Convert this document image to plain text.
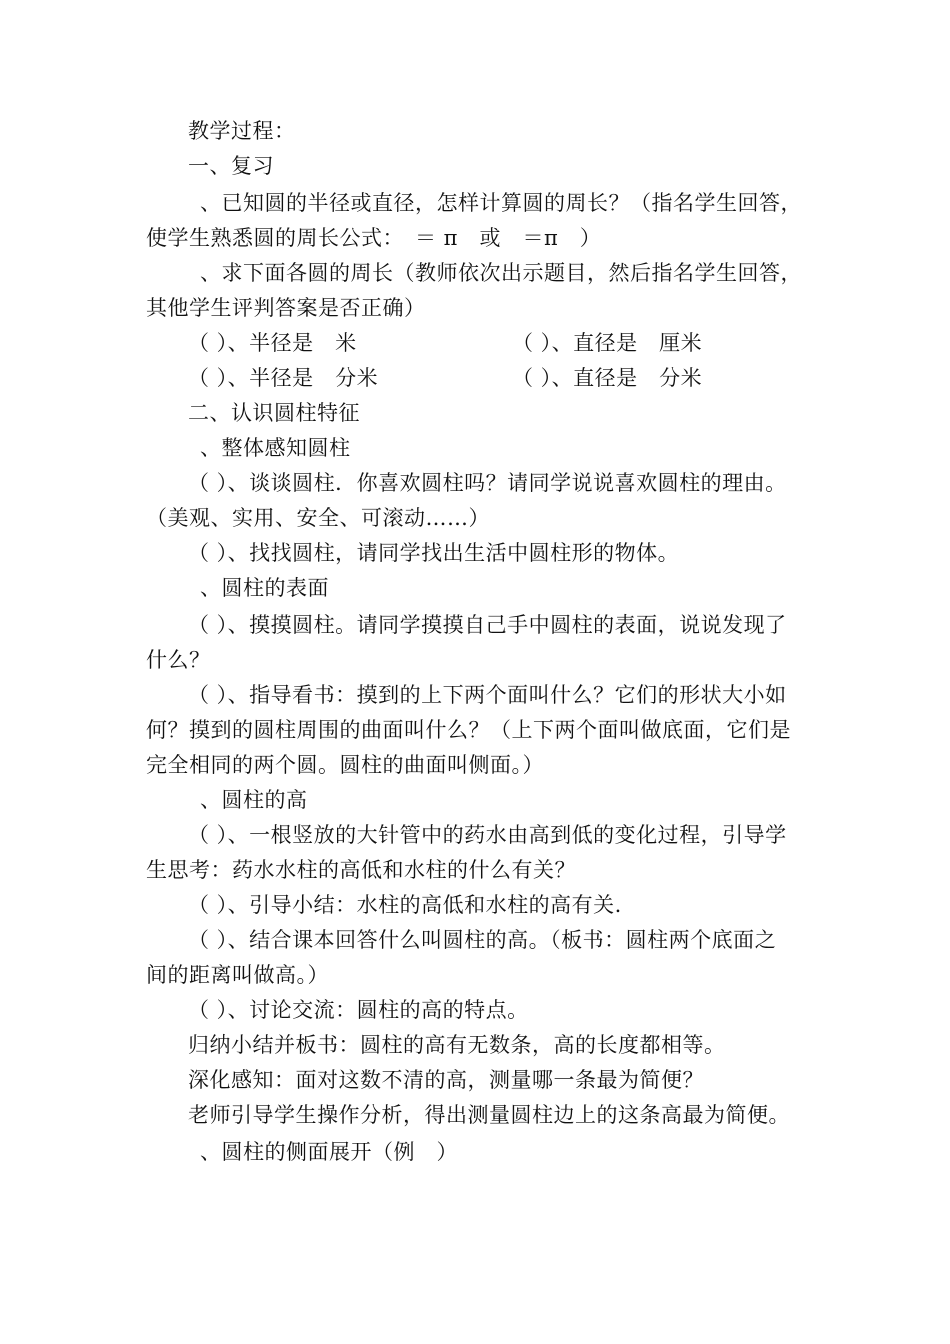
教学过程：
一、复习
、已知圆的半径或直径，怎样计算圆的周长？（指名学生回答，
使学生熟悉圆的周长公式：　＝ π　或　＝π　）
、求下面各圆的周长（教师依次出示题目，然后指名学生回答，
其他学生评判答案是否正确）
（ ）、半径是　米	（ ）、直径是　厘米
（ ）、半径是　分米	（ ）、直径是　分米
二、认识圆柱特征
、整体感知圆柱
（ ）、谈谈圆柱．你喜欢圆柱吗？请同学说说喜欢圆柱的理由。
（美观、实用、安全、可滚动……）
（ ）、找找圆柱，请同学找出生活中圆柱形的物体。
、圆柱的表面
（ ）、摸摸圆柱。请同学摸摸自己手中圆柱的表面，说说发现了
什么？
（ ）、指导看书：摸到的上下两个面叫什么？它们的形状大小如
何？摸到的圆柱周围的曲面叫什么？（上下两个面叫做底面，它们是
完全相同的两个圆。圆柱的曲面叫侧面。）
、圆柱的高
（ ）、一根竖放的大针管中的药水由高到低的变化过程，引导学
生思考：药水水柱的高低和水柱的什么有关？
（ ）、引导小结：水柱的高低和水柱的高有关.
（ ）、结合课本回答什么叫圆柱的高。（板书：圆柱两个底面之
间的距离叫做高。）
（ ）、讨论交流：圆柱的高的特点。
归纳小结并板书：圆柱的高有无数条，高的长度都相等。
深化感知：面对这数不清的高，测量哪一条最为简便？
老师引导学生操作分析，得出测量圆柱边上的这条高最为简便。
、圆柱的侧面展开（例　）
